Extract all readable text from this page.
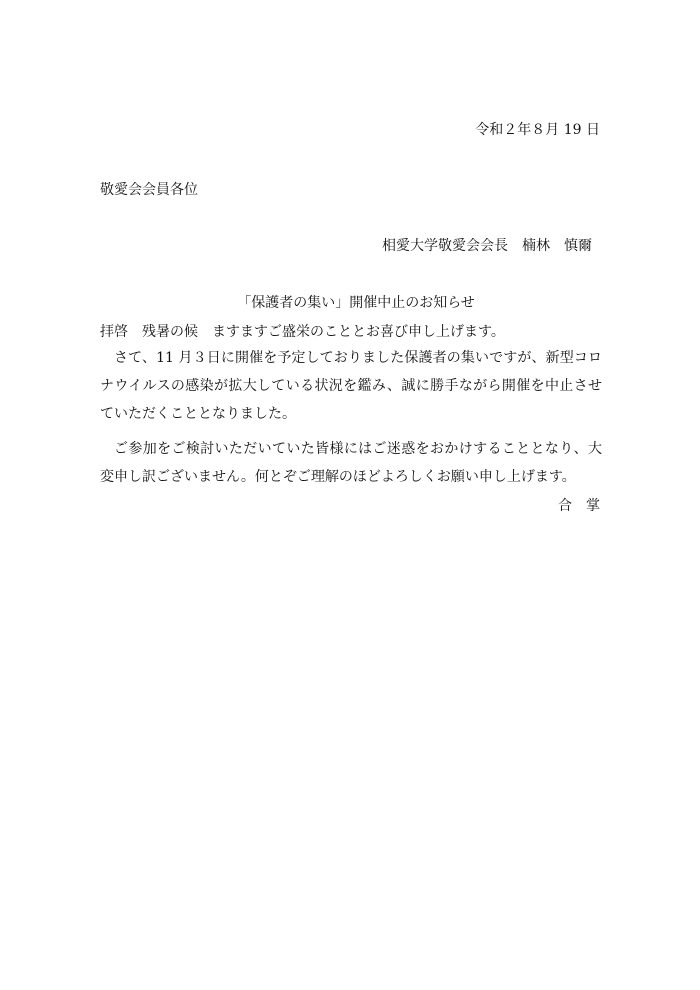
令和２年８月 19 日
敬愛会会員各位
相愛大学敬愛会会長　楠林　慎爾
「保護者の集い」開催中止のお知らせ
拝啓　残暑の候　ますますご盛栄のこととお喜び申し上げます。
さて、11 月３日に開催を予定しておりました保護者の集いですが、新型コロナウイルスの感染が拡大している状況を鑑み、誠に勝手ながら開催を中止させていただくこととなりました。
ご参加をご検討いただいていた皆様にはご迷惑をおかけすることとなり、大変申し訳ございません。何とぞご理解のほどよろしくお願い申し上げます。
合　掌
